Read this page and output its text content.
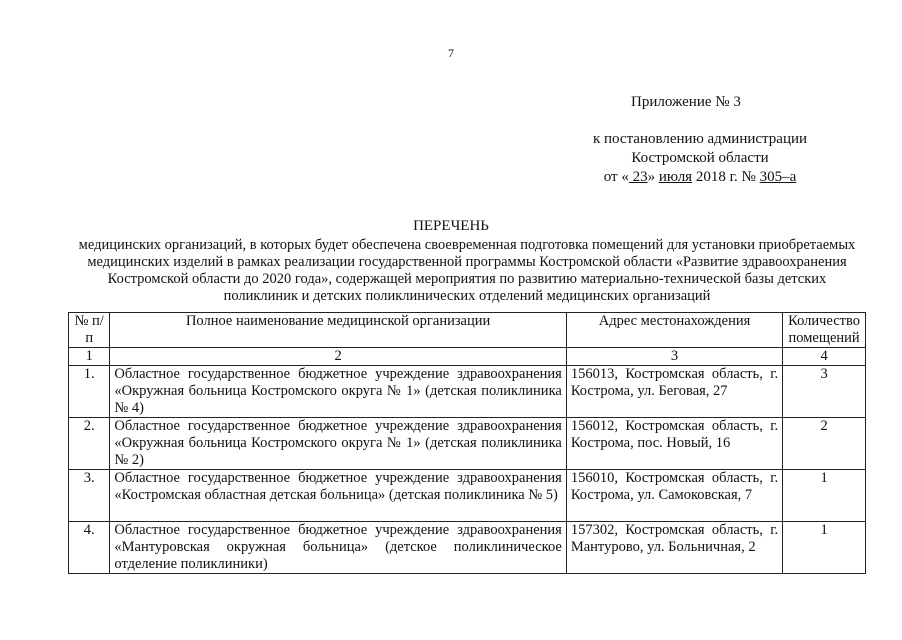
7
Приложение № 3
к постановлению администрации
Костромской области
от « 23» июля 2018 г. № 305–а
ПЕРЕЧЕНЬ
медицинских организаций, в которых будет обеспечена своевременная подготовка помещений для установки приобретаемых медицинских изделий в рамках реализации государственной программы Костромской области «Развитие здравоохранения Костромской области до 2020 года», содержащей мероприятия по развитию материально-технической базы детских поликлиник и детских поликлинических отделений медицинских организаций
№ п/п	Полное наименование медицинской организации	Адрес местонахождения	Количество помещений
1	2	3	4
1.	Областное государственное бюджетное учреждение здравоохранения «Окружная больница Костромского округа № 1» (детская поликлиника № 4)	156013, Костромская область, г. Кострома, ул. Беговая, 27	3
2.	Областное государственное бюджетное учреждение здравоохранения «Окружная больница Костромского округа № 1» (детская поликлиника № 2)	156012, Костромская область, г. Кострома, пос. Новый, 16	2
3.	Областное государственное бюджетное учреждение здравоохранения «Костромская областная детская больница» (детская поликлиника № 5)	156010, Костромская область, г. Кострома, ул. Самоковская, 7	1
4.	Областное государственное бюджетное учреждение здравоохранения «Мантуровская окружная больница» (детское поликлиническое отделение поликлиники)	157302, Костромская область, г. Мантурово, ул. Больничная, 2	1
